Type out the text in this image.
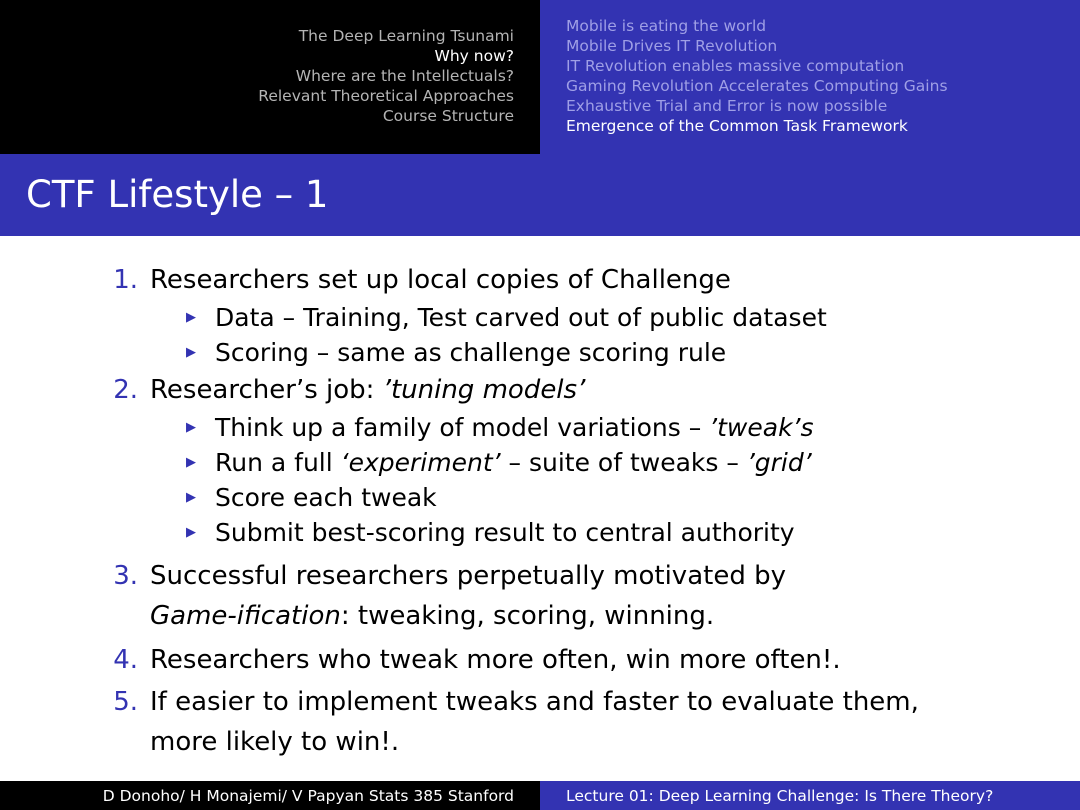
The Deep Learning Tsunami
Why now?
Where are the Intellectuals?
Relevant Theoretical Approaches
Course Structure
Mobile is eating the world
Mobile Drives IT Revolution
IT Revolution enables massive computation
Gaming Revolution Accelerates Computing Gains
Exhaustive Trial and Error is now possible
Emergence of the Common Task Framework
CTF Lifestyle – 1
1. Researchers set up local copies of Challenge
▶ Data – Training, Test carved out of public dataset
▶ Scoring – same as challenge scoring rule
2. Researcher’s job: ’tuning models’
▶ Think up a family of model variations – ’tweak’s
▶ Run a full ‘experiment’ – suite of tweaks – ’grid’
▶ Score each tweak
▶ Submit best-scoring result to central authority
3. Successful researchers perpetually motivated by
Game-ification: tweaking, scoring, winning.
4. Researchers who tweak more often, win more often!.
5. If easier to implement tweaks and faster to evaluate them,
more likely to win!.
D Donoho/ H Monajemi/ V Papyan Stats 385 Stanford	Lecture 01: Deep Learning Challenge: Is There Theory?
